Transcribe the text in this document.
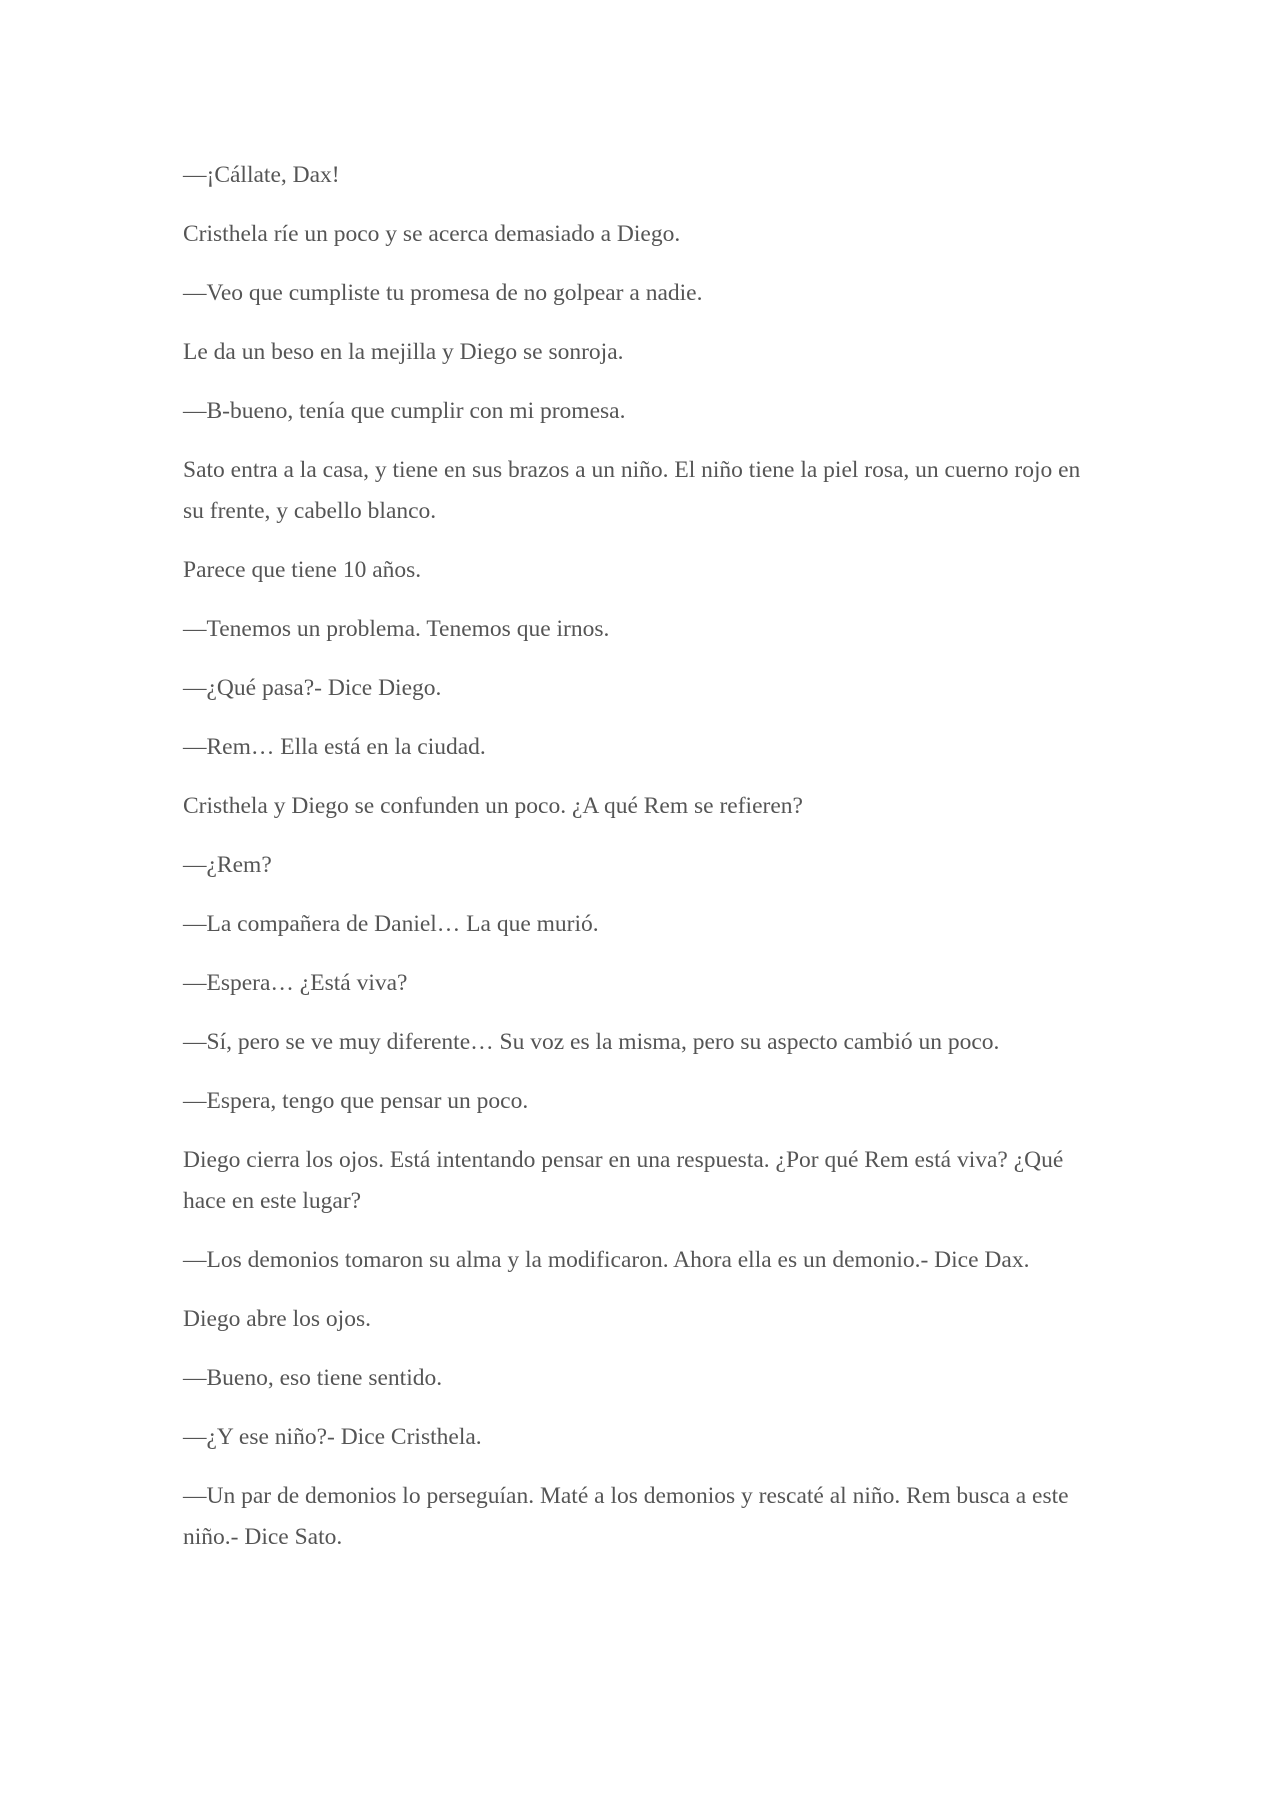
—¡Cállate, Dax!

Cristhela ríe un poco y se acerca demasiado a Diego.

—Veo que cumpliste tu promesa de no golpear a nadie.

Le da un beso en la mejilla y Diego se sonroja.

—B-bueno, tenía que cumplir con mi promesa.

Sato entra a la casa, y tiene en sus brazos a un niño. El niño tiene la piel rosa, un cuerno rojo en su frente, y cabello blanco.

Parece que tiene 10 años.

—Tenemos un problema. Tenemos que irnos.

—¿Qué pasa?- Dice Diego.

—Rem… Ella está en la ciudad.

Cristhela y Diego se confunden un poco. ¿A qué Rem se refieren?

—¿Rem?

—La compañera de Daniel… La que murió.

—Espera… ¿Está viva?

—Sí, pero se ve muy diferente… Su voz es la misma, pero su aspecto cambió un poco.

—Espera, tengo que pensar un poco.

Diego cierra los ojos. Está intentando pensar en una respuesta. ¿Por qué Rem está viva? ¿Qué hace en este lugar?

—Los demonios tomaron su alma y la modificaron. Ahora ella es un demonio.- Dice Dax.

Diego abre los ojos.

—Bueno, eso tiene sentido.

—¿Y ese niño?- Dice Cristhela.

—Un par de demonios lo perseguían. Maté a los demonios y rescaté al niño. Rem busca a este niño.- Dice Sato.
